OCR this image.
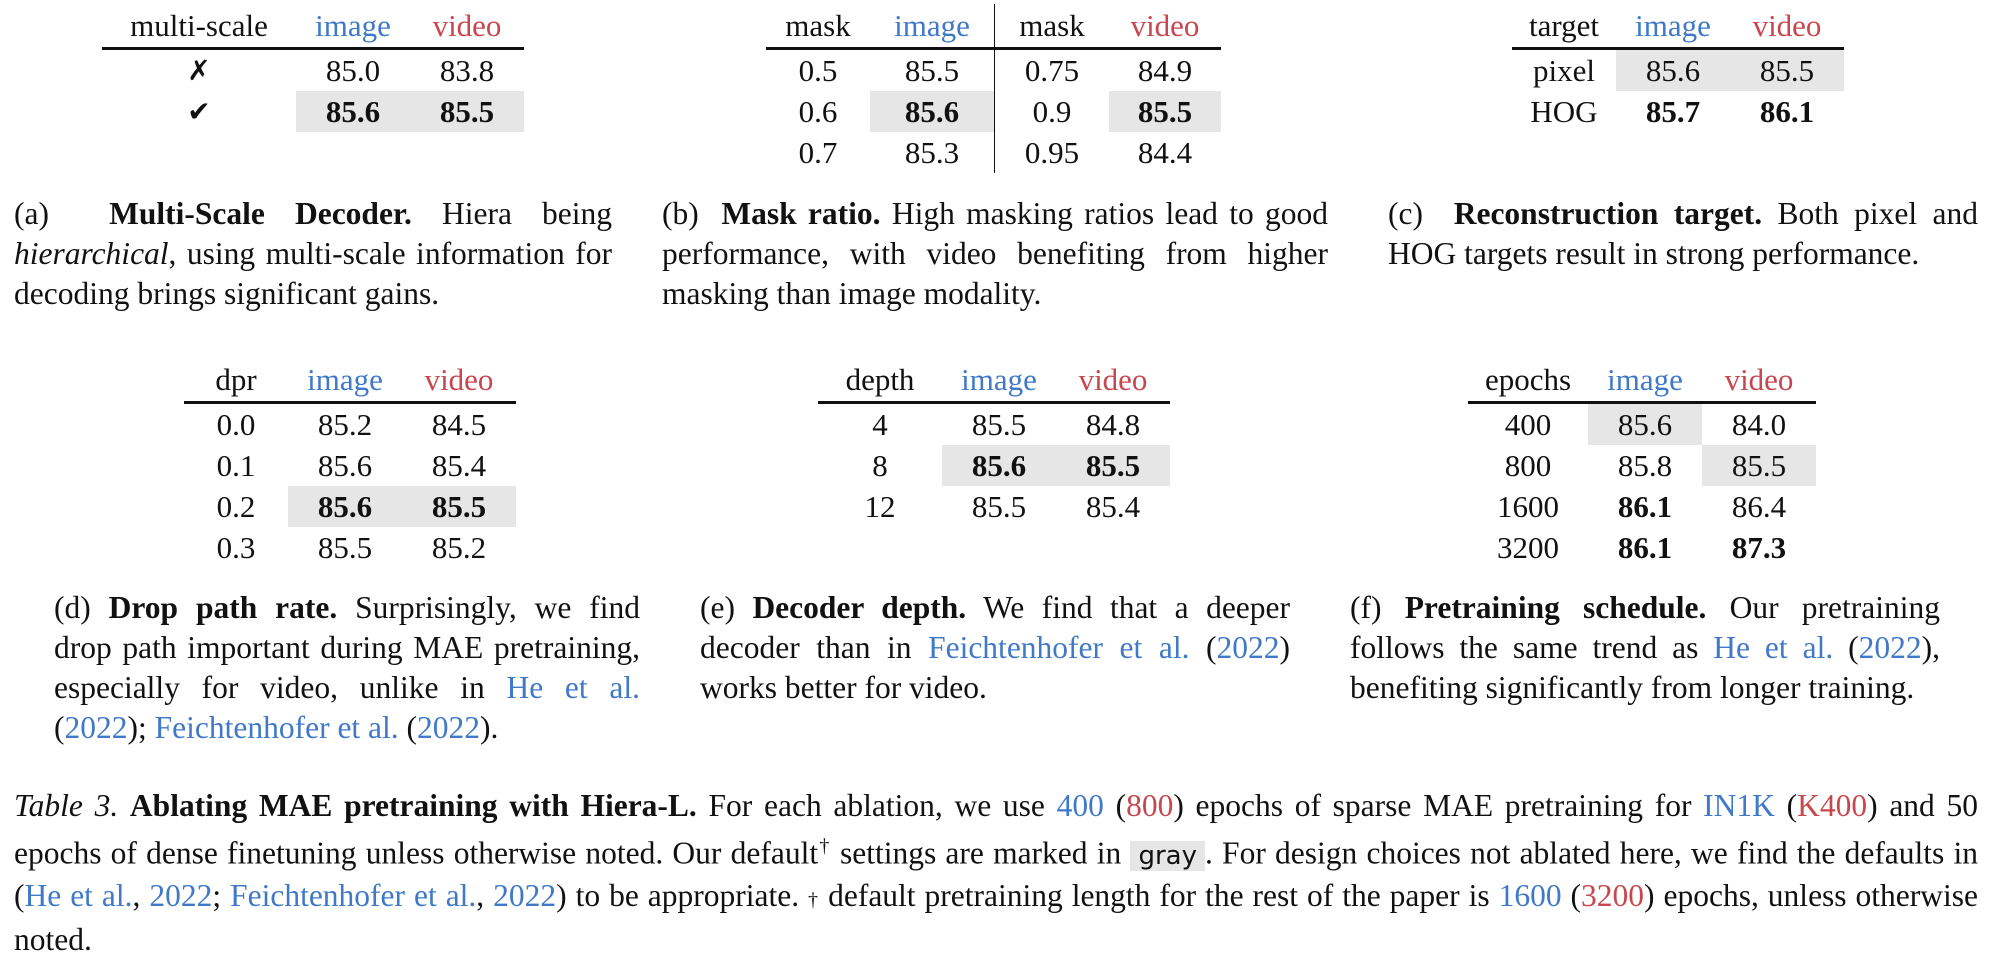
multi-scale	image	video
✗	85.0	83.8
✔	85.6	85.5
(a) Multi-Scale Decoder. Hiera being hierarchical, using multi-scale information for decoding brings significant gains.
mask	image	mask	video
0.5	85.5	0.75	84.9
0.6	85.6	0.9	85.5
0.7	85.3	0.95	84.4
(b) Mask ratio. High masking ratios lead to good performance, with video benefiting from higher masking than image modality.
target	image	video
pixel	85.6	85.5
HOG	85.7	86.1
(c) Reconstruction target. Both pixel and HOG targets result in strong performance.
dpr	image	video
0.0	85.2	84.5
0.1	85.6	85.4
0.2	85.6	85.5
0.3	85.5	85.2
(d) Drop path rate. Surprisingly, we find drop path important during MAE pretraining, especially for video, unlike in He et al. (2022); Feichtenhofer et al. (2022).
depth	image	video
4	85.5	84.8
8	85.6	85.5
12	85.5	85.4
(e) Decoder depth. We find that a deeper decoder than in Feichtenhofer et al. (2022) works better for video.
epochs	image	video
400	85.6	84.0
800	85.8	85.5
1600	86.1	86.4
3200	86.1	87.3
(f) Pretraining schedule. Our pretraining follows the same trend as He et al. (2022), benefiting significantly from longer training.
Table 3. Ablating MAE pretraining with Hiera-L. For each ablation, we use 400 (800) epochs of sparse MAE pretraining for IN1K (K400) and 50 epochs of dense finetuning unless otherwise noted. Our default† settings are marked in gray . For design choices not ablated here, we find the defaults in (He et al., 2022; Feichtenhofer et al., 2022) to be appropriate. † default pretraining length for the rest of the paper is 1600 (3200) epochs, unless otherwise noted.
